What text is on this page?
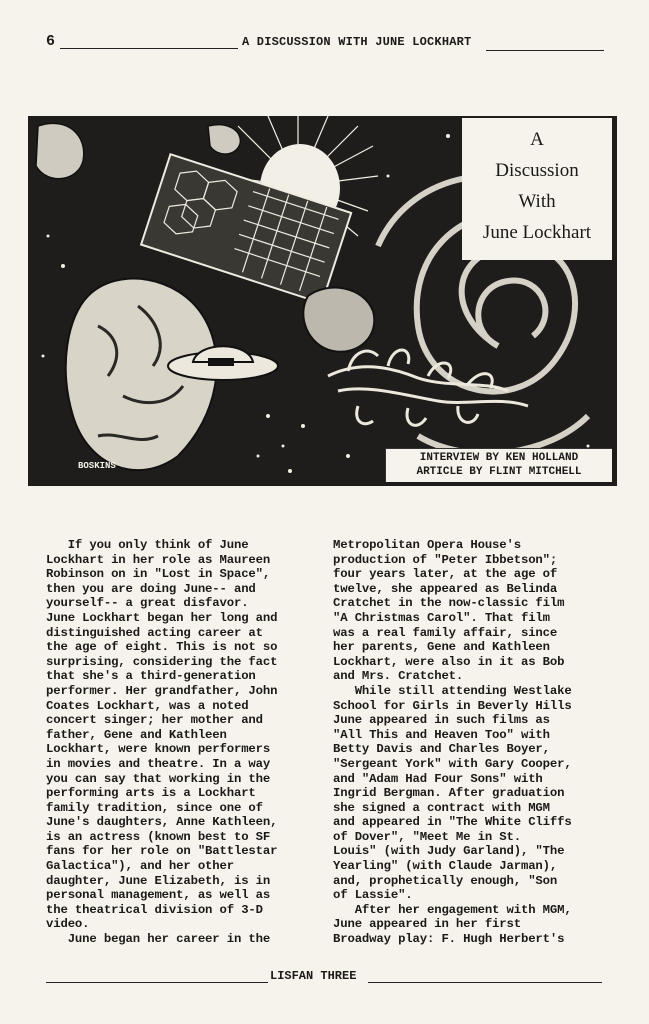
6	A DISCUSSION WITH JUNE LOCKHART
BOSKINS
A
Discussion
With
June Lockhart
INTERVIEW BY KEN HOLLAND
ARTICLE BY FLINT MITCHELL
If you only think of June
Lockhart in her role as Maureen
Robinson on in "Lost in Space",
then you are doing June-- and
yourself-- a great disfavor.
June Lockhart began her long and
distinguished acting career at
the age of eight. This is not so
surprising, considering the fact
that she's a third-generation
performer. Her grandfather, John
Coates Lockhart, was a noted
concert singer; her mother and
father, Gene and Kathleen
Lockhart, were known performers
in movies and theatre. In a way
you can say that working in the
performing arts is a Lockhart
family tradition, since one of
June's daughters, Anne Kathleen,
is an actress (known best to SF
fans for her role on "Battlestar
Galactica"), and her other
daughter, June Elizabeth, is in
personal management, as well as
the theatrical division of 3-D
video.
June began her career in the
Metropolitan Opera House's
production of "Peter Ibbetson";
four years later, at the age of
twelve, she appeared as Belinda
Cratchet in the now-classic film
"A Christmas Carol". That film
was a real family affair, since
her parents, Gene and Kathleen
Lockhart, were also in it as Bob
and Mrs. Cratchet.
While still attending Westlake
School for Girls in Beverly Hills
June appeared in such films as
"All This and Heaven Too" with
Betty Davis and Charles Boyer,
"Sergeant York" with Gary Cooper,
and "Adam Had Four Sons" with
Ingrid Bergman. After graduation
she signed a contract with MGM
and appeared in "The White Cliffs
of Dover", "Meet Me in St.
Louis" (with Judy Garland), "The
Yearling" (with Claude Jarman),
and, prophetically enough, "Son
of Lassie".
After her engagement with MGM,
June appeared in her first
Broadway play: F. Hugh Herbert's
LISFAN THREE
